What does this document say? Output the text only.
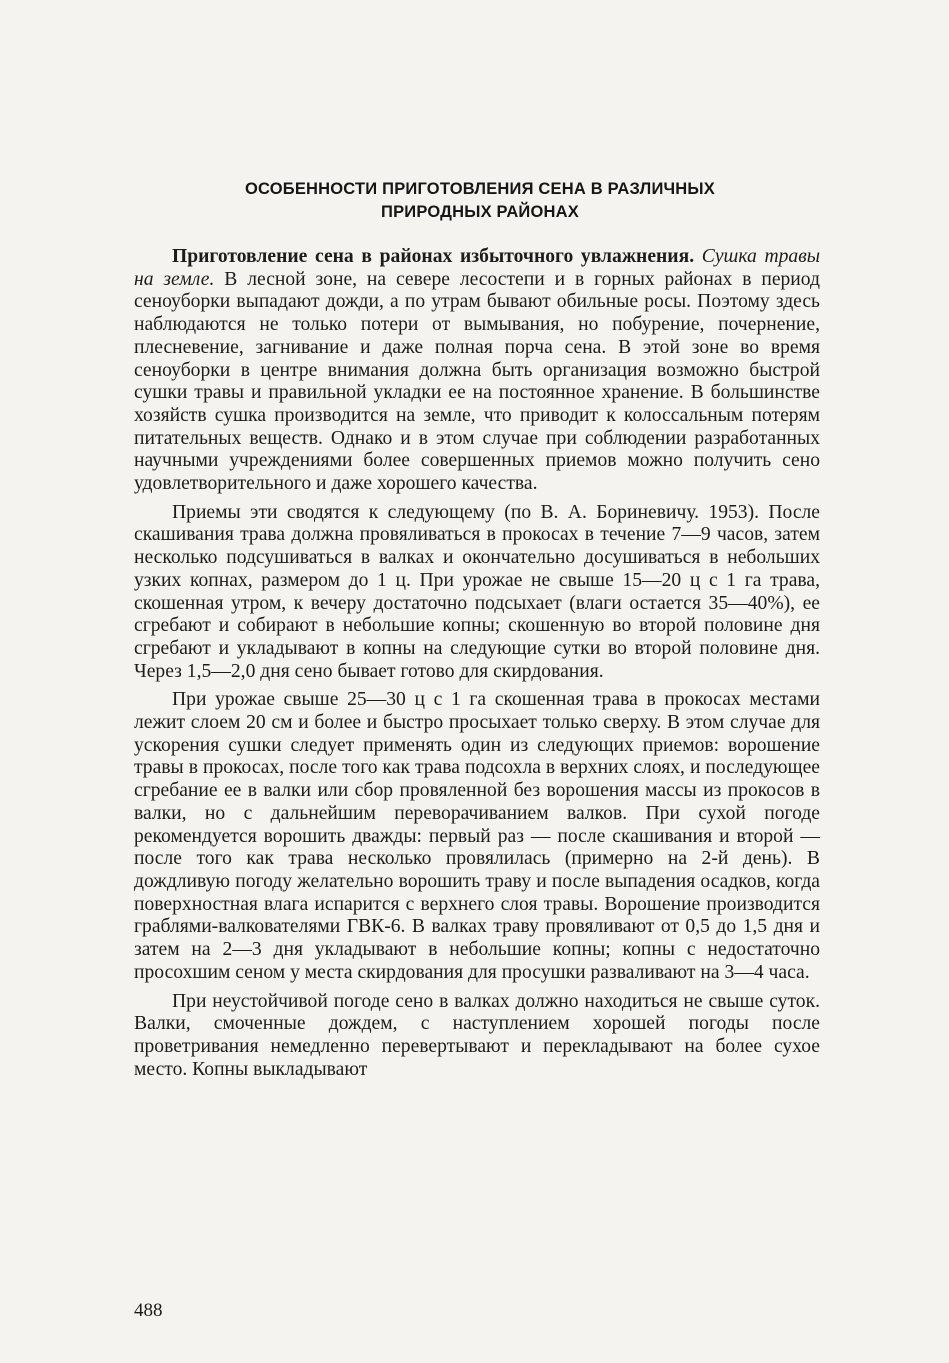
ОСОБЕННОСТИ ПРИГОТОВЛЕНИЯ СЕНА В РАЗЛИЧНЫХ
ПРИРОДНЫХ РАЙОНАХ

Приготовление сена в районах избыточного увлажнения. Сушка травы на земле. В лесной зоне, на севере лесостепи и в горных районах в период сеноуборки выпадают дожди, а по утрам бывают обильные росы. Поэтому здесь наблюдаются не только потери от вымывания, но побурение, почернение, плесневение, загнивание и даже полная порча сена. В этой зоне во время сеноуборки в центре внимания должна быть организация возможно быстрой сушки травы и правильной укладки ее на постоянное хранение. В большинстве хозяйств сушка производится на земле, что приводит к колоссальным потерям питательных веществ. Однако и в этом случае при соблюдении разработанных научными учреждениями более совершенных приемов можно получить сено удовлетворительного и даже хорошего качества.

Приемы эти сводятся к следующему (по В. А. Бориневичу. 1953). После скашивания трава должна провяливаться в прокосах в течение 7—9 часов, затем несколько подсушиваться в валках и окончательно досушиваться в небольших узких копнах, размером до 1 ц. При урожае не свыше 15—20 ц с 1 га трава, скошенная утром, к вечеру достаточно подсыхает (влаги остается 35—40%), ее сгребают и собирают в небольшие копны; скошенную во второй половине дня сгребают и укладывают в копны на следующие сутки во второй половине дня. Через 1,5—2,0 дня сено бывает готово для скирдования.

При урожае свыше 25—30 ц с 1 га скошенная трава в прокосах местами лежит слоем 20 см и более и быстро просыхает только сверху. В этом случае для ускорения сушки следует применять один из следующих приемов: ворошение травы в прокосах, после того как трава подсохла в верхних слоях, и последующее сгребание ее в валки или сбор провяленной без ворошения массы из прокосов в валки, но с дальнейшим переворачиванием валков. При сухой погоде рекомендуется ворошить дважды: первый раз — после скашивания и второй — после того как трава несколько провялилась (примерно на 2-й день). В дождливую погоду желательно ворошить траву и после выпадения осадков, когда поверхностная влага испарится с верхнего слоя травы. Ворошение производится граблями-валкователями ГВК-6. В валках траву провяливают от 0,5 до 1,5 дня и затем на 2—3 дня укладывают в небольшие копны; копны с недостаточно просохшим сеном у места скирдования для просушки разваливают на 3—4 часа.

При неустойчивой погоде сено в валках должно находиться не свыше суток. Валки, смоченные дождем, с наступлением хорошей погоды после проветривания немедленно перевертывают и перекладывают на более сухое место. Копны выкладывают

488
